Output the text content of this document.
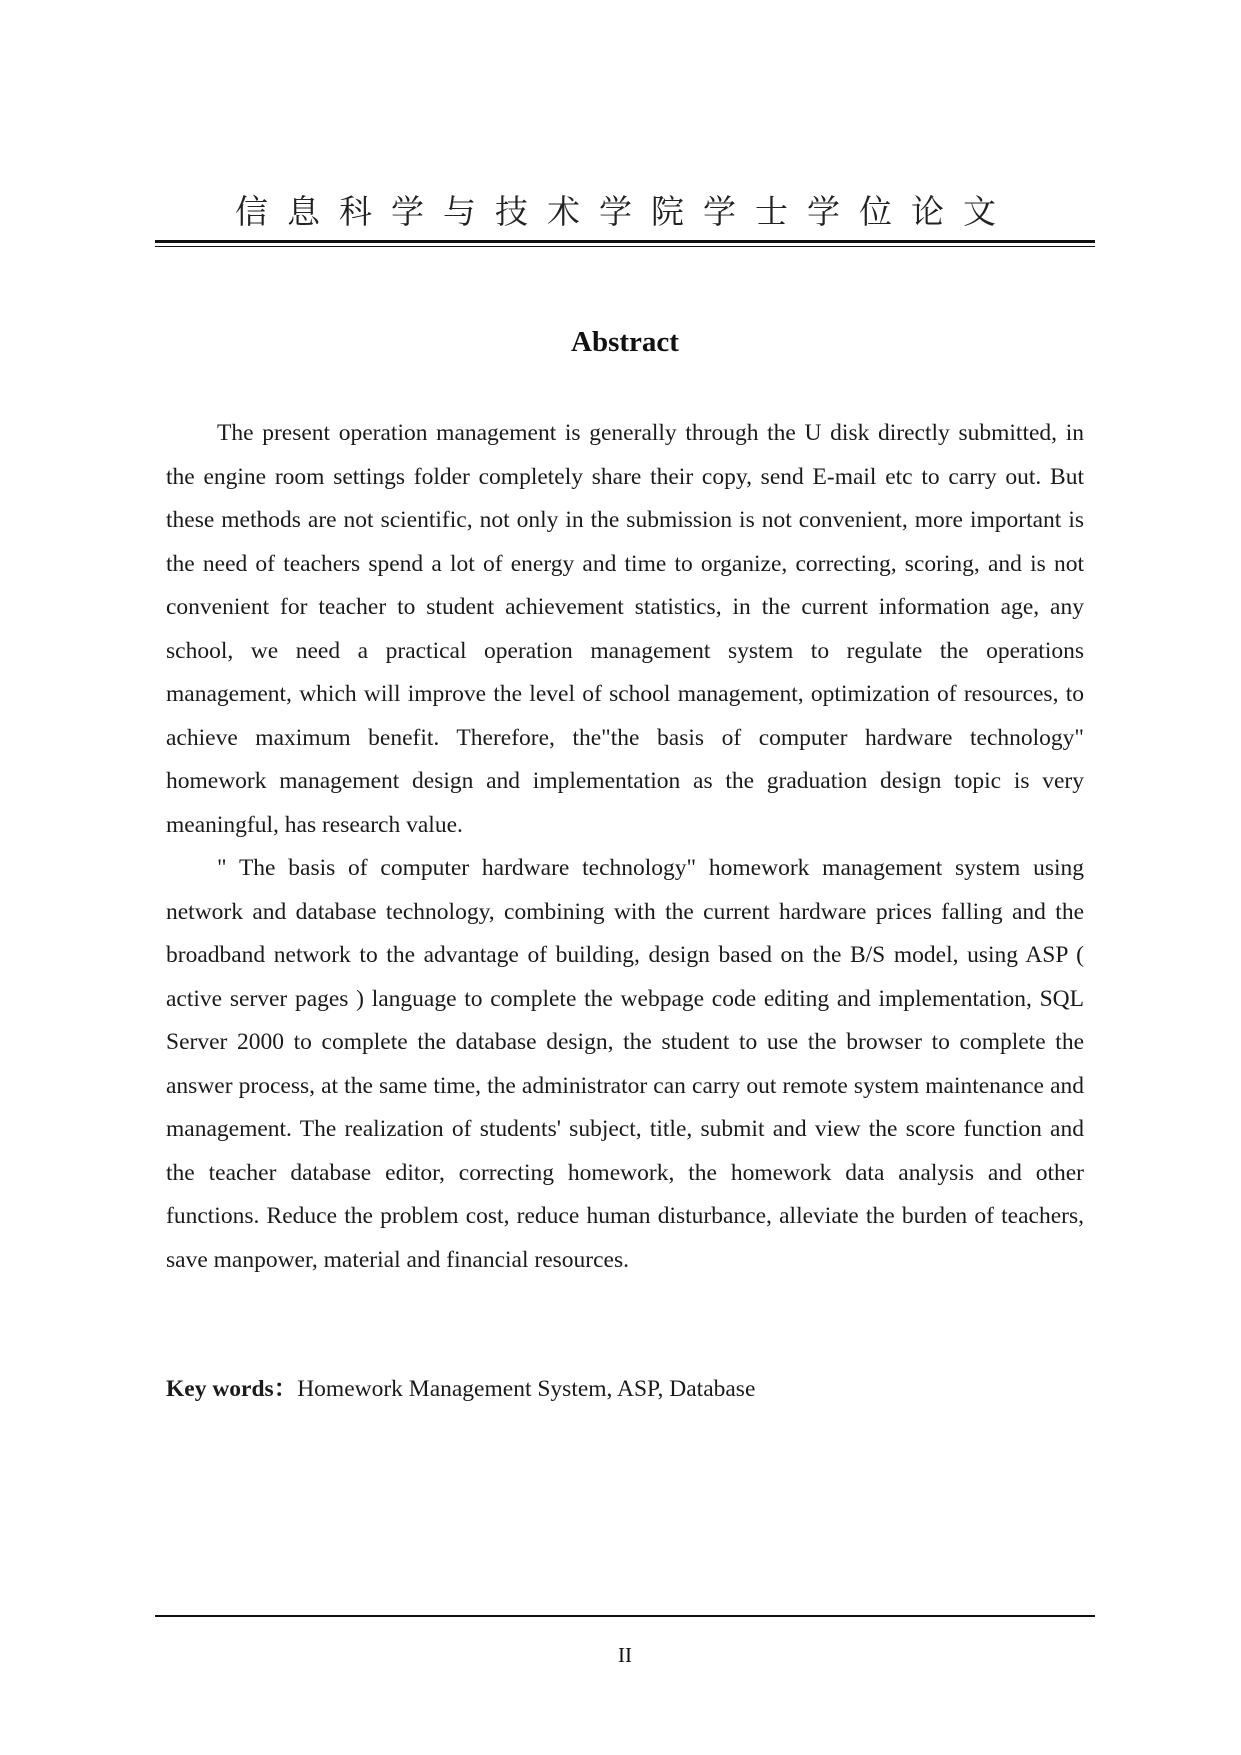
信息科学与技术学院学士学位论文
Abstract

The present operation management is generally through the U disk directly submitted, in the engine room settings folder completely share their copy, send E-mail etc to carry out. But these methods are not scientific, not only in the submission is not convenient, more important is the need of teachers spend a lot of energy and time to organize, correcting, scoring, and is not convenient for teacher to student achievement statistics, in the current information age, any school, we need a practical operation management system to regulate the operations management, which will improve the level of school management, optimization of resources, to achieve maximum benefit. Therefore, the"the basis of computer hardware technology" homework management design and implementation as the graduation design topic is very meaningful, has research value.

" The basis of computer hardware technology" homework management system using network and database technology, combining with the current hardware prices falling and the broadband network to the advantage of building, design based on the B/S model, using ASP ( active server pages ) language to complete the webpage code editing and implementation, SQL Server 2000 to complete the database design, the student to use the browser to complete the answer process, at the same time, the administrator can carry out remote system maintenance and management. The realization of students' subject, title, submit and view the score function and the teacher database editor, correcting homework, the homework data analysis and other functions. Reduce the problem cost, reduce human disturbance, alleviate the burden of teachers, save manpower, material and financial resources.

Key words：Homework Management System, ASP, Database
II
